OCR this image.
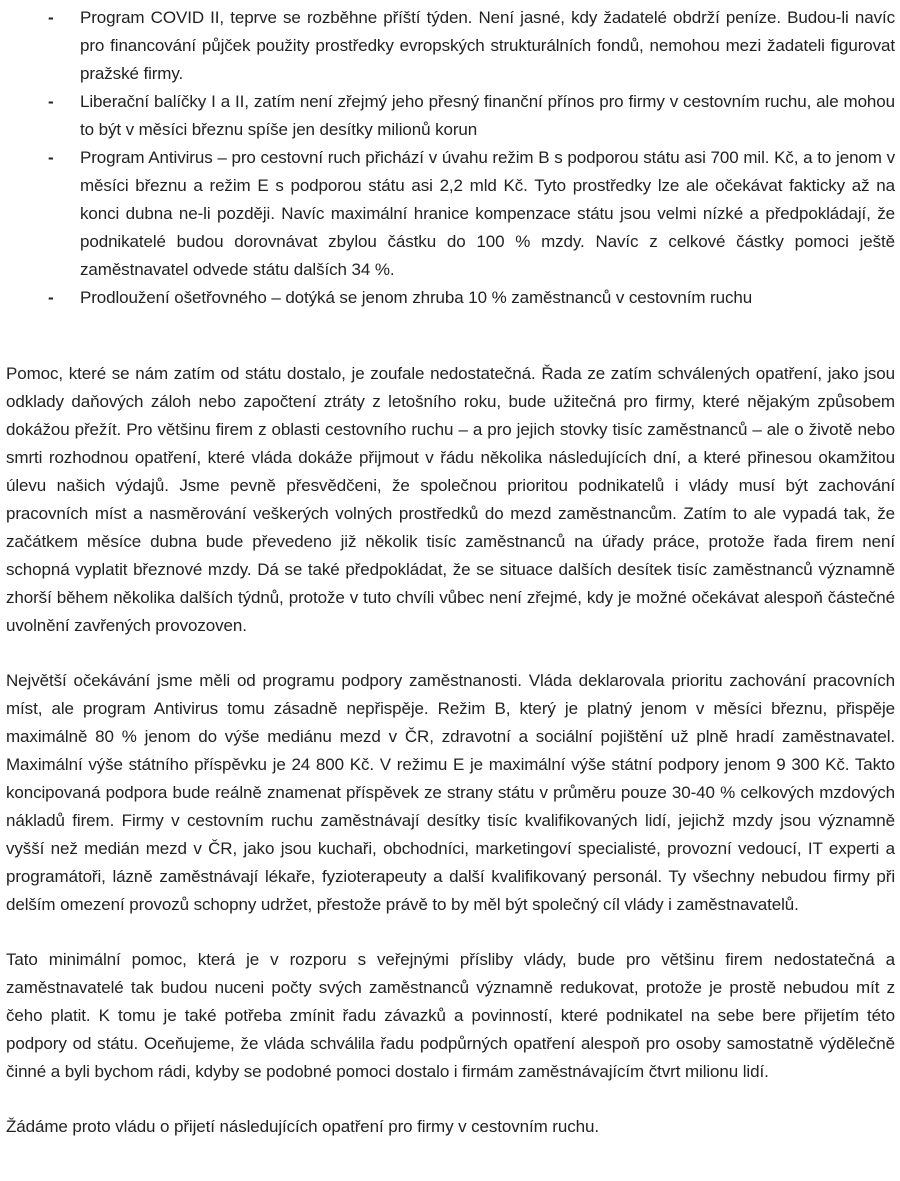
- Program COVID II, teprve se rozběhne příští týden. Není jasné, kdy žadatelé obdrží peníze. Budou-li navíc pro financování půjček použity prostředky evropských strukturálních fondů, nemohou mezi žadateli figurovat pražské firmy.
- Liberační balíčky I a II, zatím není zřejmý jeho přesný finanční přínos pro firmy v cestovním ruchu, ale mohou to být v měsíci březnu spíše jen desítky milionů korun
- Program Antivirus – pro cestovní ruch přichází v úvahu režim B s podporou státu asi 700 mil. Kč, a to jenom v měsíci březnu a režim E s podporou státu asi 2,2 mld Kč. Tyto prostředky lze ale očekávat fakticky až na konci dubna ne-li později. Navíc maximální hranice kompenzace státu jsou velmi nízké a předpokládají, že podnikatelé budou dorovnávat zbylou částku do 100 % mzdy. Navíc z celkové částky pomoci ještě zaměstnavatel odvede státu dalších 34 %.
- Prodloužení ošetřovného – dotýká se jenom zhruba 10 % zaměstnanců v cestovním ruchu

Pomoc, které se nám zatím od státu dostalo, je zoufale nedostatečná. Řada ze zatím schválených opatření, jako jsou odklady daňových záloh nebo započtení ztráty z letošního roku, bude užitečná pro firmy, které nějakým způsobem dokážou přežít. Pro většinu firem z oblasti cestovního ruchu – a pro jejich stovky tisíc zaměstnanců – ale o životě nebo smrti rozhodnou opatření, které vláda dokáže přijmout v řádu několika následujících dní, a které přinesou okamžitou úlevu našich výdajů. Jsme pevně přesvědčeni, že společnou prioritou podnikatelů i vlády musí být zachování pracovních míst a nasměrování veškerých volných prostředků do mezd zaměstnancům. Zatím to ale vypadá tak, že začátkem měsíce dubna bude převedeno již několik tisíc zaměstnanců na úřady práce, protože řada firem není schopná vyplatit březnové mzdy. Dá se také předpokládat, že se situace dalších desítek tisíc zaměstnanců významně zhorší během několika dalších týdnů, protože v tuto chvíli vůbec není zřejmé, kdy je možné očekávat alespoň částečné uvolnění zavřených provozoven.

Největší očekávání jsme měli od programu podpory zaměstnanosti. Vláda deklarovala prioritu zachování pracovních míst, ale program Antivirus tomu zásadně nepřispěje. Režim B, který je platný jenom v měsíci březnu, přispěje maximálně 80 % jenom do výše mediánu mezd v ČR, zdravotní a sociální pojištění už plně hradí zaměstnavatel. Maximální výše státního příspěvku je 24 800 Kč. V režimu E je maximální výše státní podpory jenom 9 300 Kč. Takto koncipovaná podpora bude reálně znamenat příspěvek ze strany státu v průměru pouze 30-40 % celkových mzdových nákladů firem. Firmy v cestovním ruchu zaměstnávají desítky tisíc kvalifikovaných lidí, jejichž mzdy jsou významně vyšší než medián mezd v ČR, jako jsou kuchaři, obchodníci, marketingoví specialisté, provozní vedoucí, IT experti a programátoři, lázně zaměstnávají lékaře, fyzioterapeuty a další kvalifikovaný personál. Ty všechny nebudou firmy při delším omezení provozů schopny udržet, přestože právě to by měl být společný cíl vlády i zaměstnavatelů.

Tato minimální pomoc, která je v rozporu s veřejnými přísliby vlády, bude pro většinu firem nedostatečná a zaměstnavatelé tak budou nuceni počty svých zaměstnanců významně redukovat, protože je prostě nebudou mít z čeho platit. K tomu je také potřeba zmínit řadu závazků a povinností, které podnikatel na sebe bere přijetím této podpory od státu. Oceňujeme, že vláda schválila řadu podpůrných opatření alespoň pro osoby samostatně výdělečně činné a byli bychom rádi, kdyby se podobné pomoci dostalo i firmám zaměstnávajícím čtvrt milionu lidí.

Žádáme proto vládu o přijetí následujících opatření pro firmy v cestovním ruchu.
